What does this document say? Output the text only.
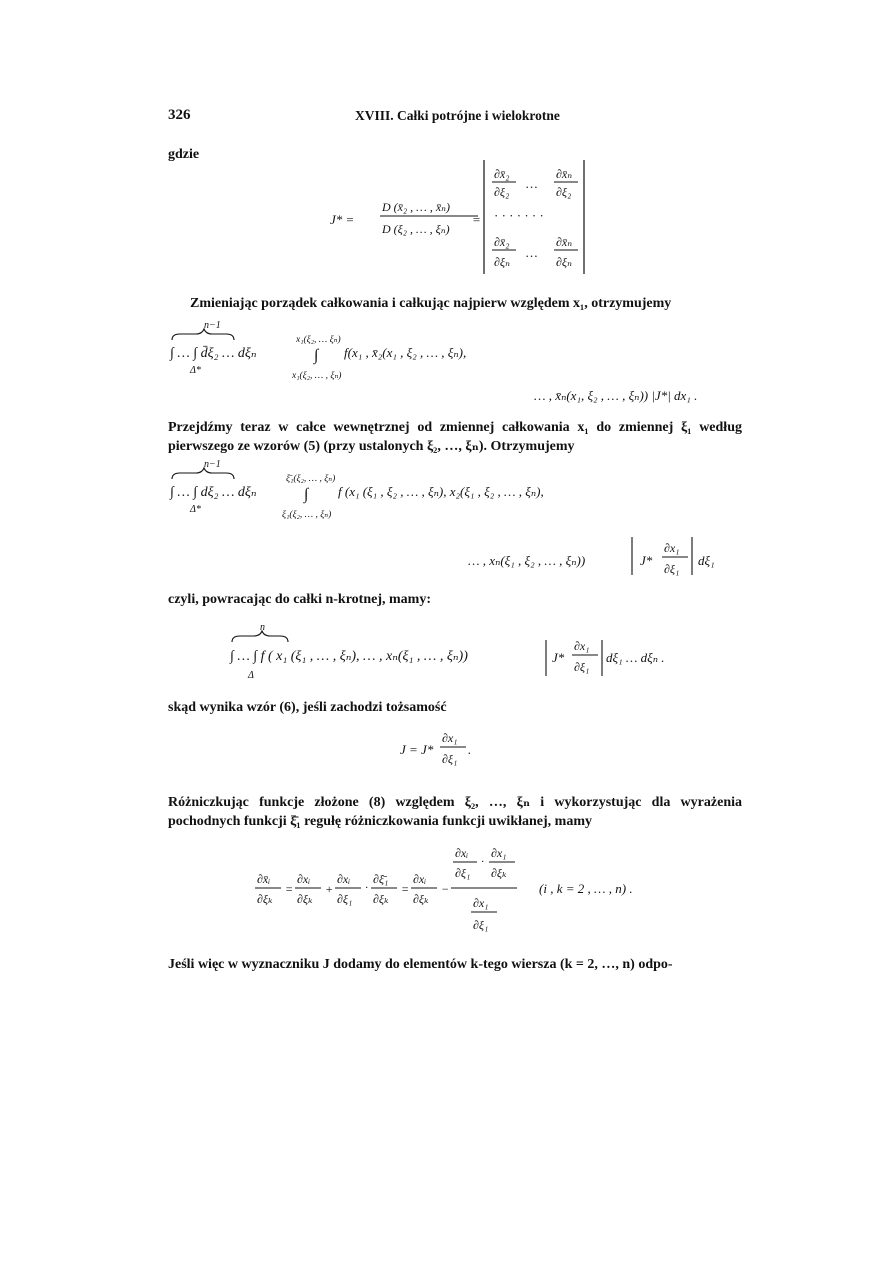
326	XVIII. Całki potrójne i wielokrotne
gdzie
J* =
D (x̄₂ , … , x̄ₙ)
D (ξ₂ , … , ξₙ)
=
∂x̄₂
∂ξ₂
…
∂x̄ₙ
∂ξ₂
· · · · · · ·
∂x̄₂
∂ξₙ
…
∂x̄ₙ
∂ξₙ
Zmieniając porządek całkowania i całkując najpierw względem x₁, otrzymujemy
n−1
∫ … ∫ d̄ξ₂ … dξₙ
Δ*
x₁(ξ₂, … ξₙ)
∫
x₁(ξ₂, … , ξₙ)
f(x₁ , x̄₂(x₁ , ξ₂ , … , ξₙ),
… , x̄ₙ(x₁, ξ₂ , … , ξₙ)) |J*| dx₁ .
Przejdźmy teraz w całce wewnętrznej od zmiennej całkowania x₁ do zmiennej ξ₁ według pierwszego ze wzorów (5) (przy ustalonych ξ₂, …, ξₙ). Otrzymujemy
n−1
∫ … ∫ dξ₂ … dξₙ
Δ*
ξ̄₁(ξ₂, … , ξₙ)
∫
ξ₁(ξ₂, … , ξₙ)
f (x₁ (ξ₁ , ξ₂ , … , ξₙ), x₂(ξ₁ , ξ₂ , … , ξₙ),
… , xₙ(ξ₁ , ξ₂ , … , ξₙ))	J*
∂x₁
∂ξ₁
dξ₁
czyli, powracając do całki n-krotnej, mamy:
n
∫ … ∫ f ( x₁ (ξ₁ , … , ξₙ), … , xₙ(ξ₁ , … , ξₙ))
Δ
J*
∂x₁
∂ξ₁
dξ₁ … dξₙ .
skąd wynika wzór (6), jeśli zachodzi tożsamość
J = J*
∂x₁
∂ξ₁
.
Różniczkując funkcje złożone (8) względem ξ₂, …, ξₙ i wykorzystując dla wyrażenia pochodnych funkcji ξ̄₁ regułę różniczkowania funkcji uwikłanej, mamy
∂x̄ᵢ
∂ξₖ
=
∂xᵢ
∂ξₖ
+
∂xᵢ
∂ξ₁
·
∂ξ̄₁
∂ξₖ
=
∂xᵢ
∂ξₖ
−
∂xᵢ
∂ξ₁
·
∂x₁
∂ξₖ
∂x₁
∂ξ₁
(i , k = 2 , … , n) .
Jeśli więc w wyznaczniku J dodamy do elementów k-tego wiersza (k = 2, …, n) odpo-
